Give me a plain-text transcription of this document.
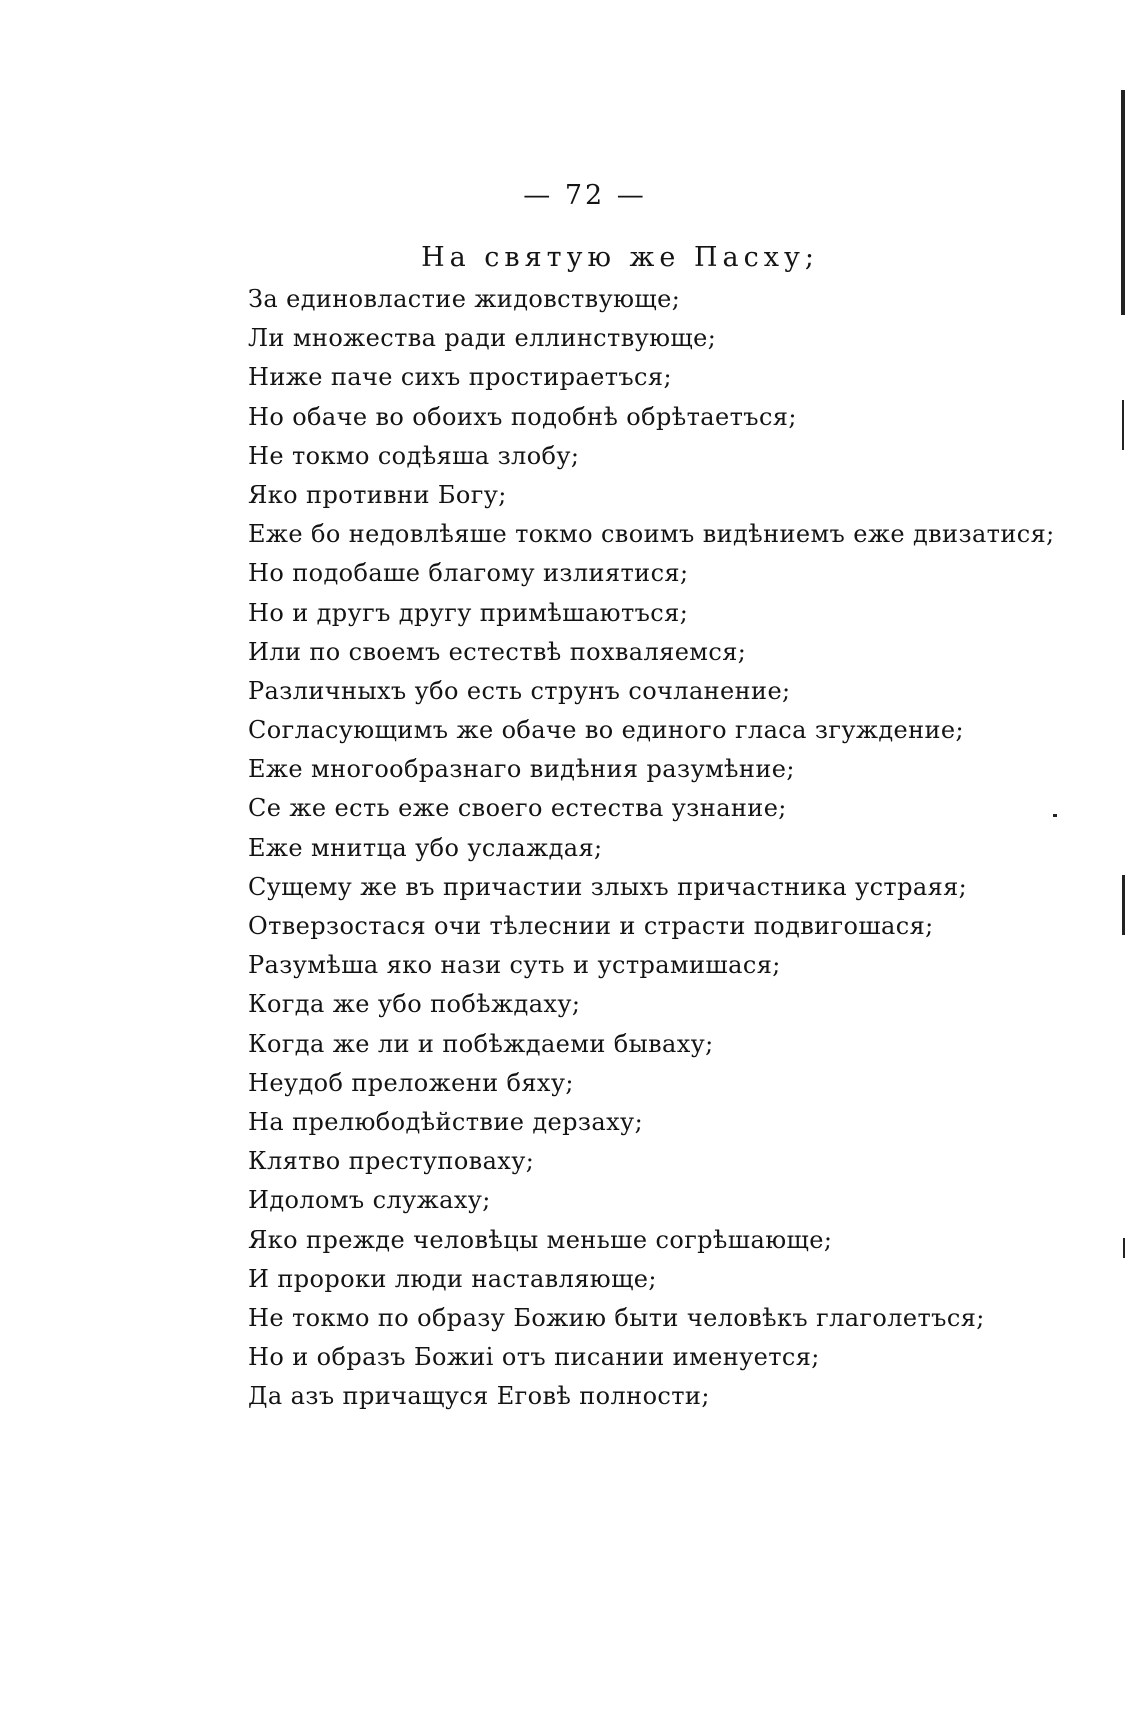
— 72 —
На святую же Пасху;
За единовластие жидовствующе;
Ли множества ради еллинствующе;
Ниже паче сихъ простираетъся;
Но обаче во обоихъ подобнѣ обрѣтаетъся;
Не токмо содѣяша злобу;
Яко противни Богу;
Еже бо недовлѣяше токмо своимъ видѣниемъ еже двизатися;
Но подобаше благому излиятися;
Но и другъ другу примѣшаютъся;
Или по своемъ естествѣ похваляемся;
Различныхъ убо есть струнъ сочланение;
Согласующимъ же обаче во единого гласа згуждение;
Еже многообразнаго видѣния разумѣние;
Се же есть еже своего естества узнание;
Еже мнитца убо услаждая;
Сущему же въ причастии злыхъ причастника устраяя;
Отверзостася очи тѣлеснии и страсти подвигошася;
Разумѣша яко нази суть и устрамишася;
Когда же убо побѣждаху;
Когда же ли и побѣждаеми бываху;
Неудоб преложени бяху;
На прелюбодѣйствие дерзаху;
Клятво преступоваху;
Идоломъ служаху;
Яко прежде человѣцы меньше согрѣшающе;
И пророки люди наставляюще;
Не токмо по образу Божию быти человѣкъ глаголетъся;
Но и образъ Божиі отъ писании именуется;
Да азъ причащуся Еговѣ полности;
